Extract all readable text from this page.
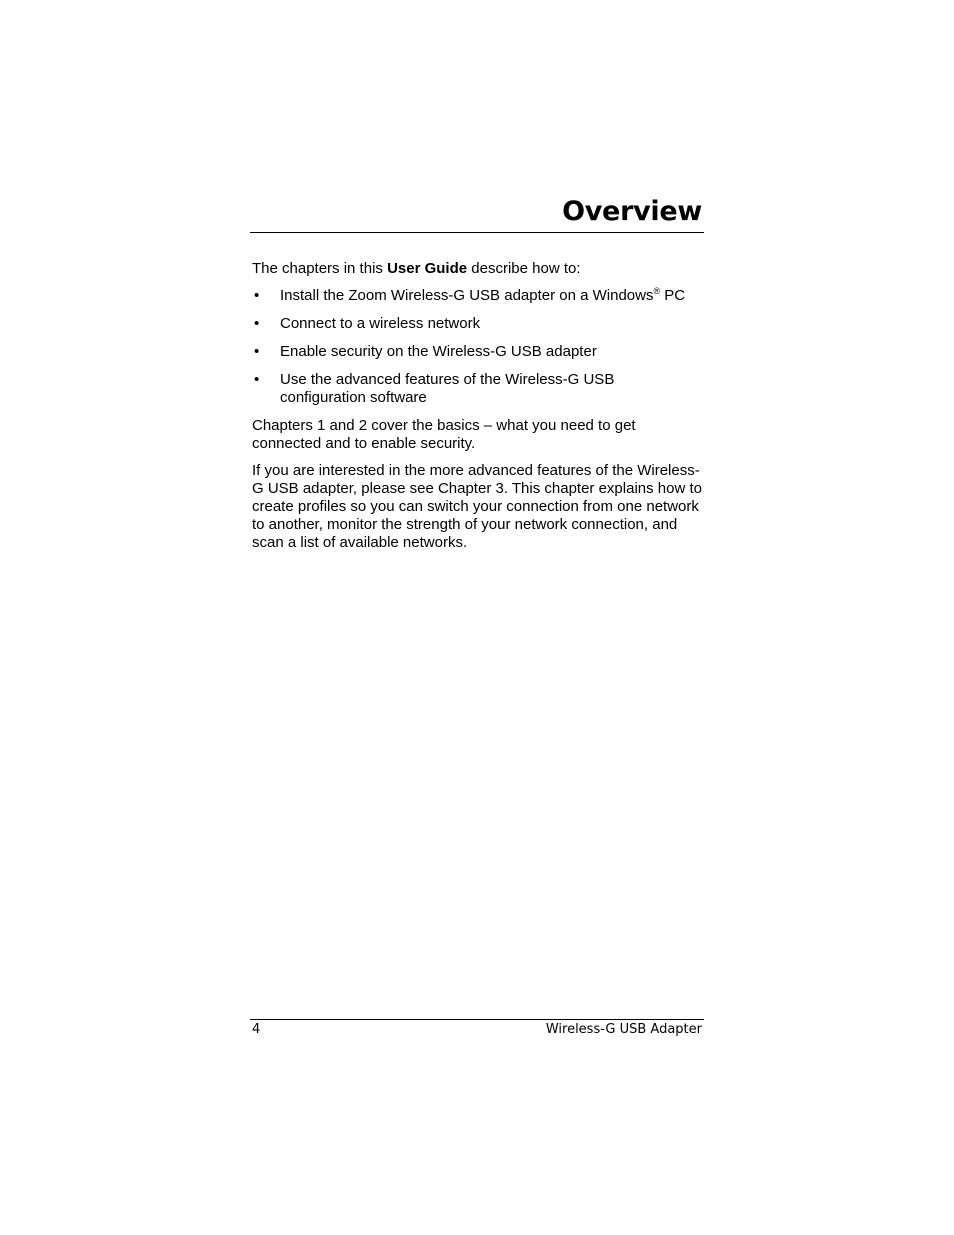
Overview

The chapters in this User Guide describe how to:

• Install the Zoom Wireless-G USB adapter on a Windows® PC
• Connect to a wireless network
• Enable security on the Wireless-G USB adapter
• Use the advanced features of the Wireless-G USB configuration software

Chapters 1 and 2 cover the basics – what you need to get connected and to enable security.

If you are interested in the more advanced features of the Wireless-G USB adapter, please see Chapter 3. This chapter explains how to create profiles so you can switch your connection from one network to another, monitor the strength of your network connection, and scan a list of available networks.

4	Wireless-G USB Adapter
